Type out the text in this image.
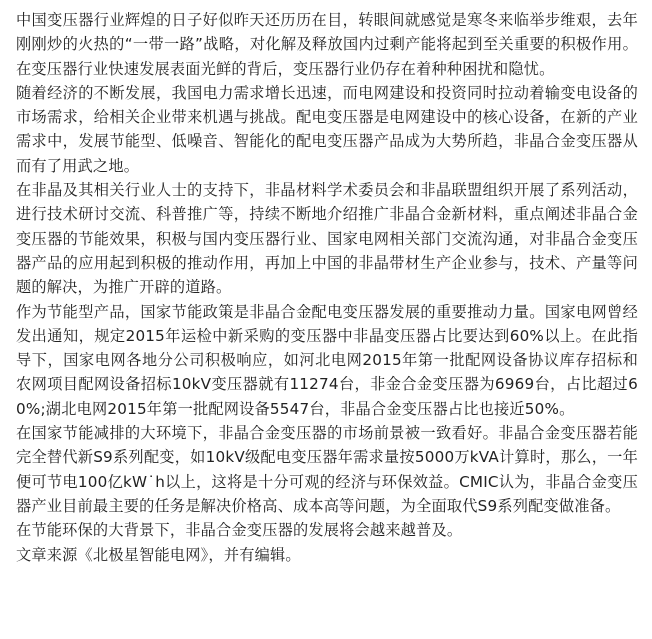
中国变压器行业辉煌的日子好似昨天还历历在目，转眼间就感觉是寒冬来临举步维艰，去年刚刚炒的火热的“一带一路”战略，对化解及释放国内过剩产能将起到至关重要的积极作用。在变压器行业快速发展表面光鲜的背后，变压器行业仍存在着种种困扰和隐忧。

随着经济的不断发展，我国电力需求增长迅速，而电网建设和投资同时拉动着输变电设备的市场需求，给相关企业带来机遇与挑战。配电变压器是电网建设中的核心设备，在新的产业需求中，发展节能型、低噪音、智能化的配电变压器产品成为大势所趋，非晶合金变压器从而有了用武之地。

在非晶及其相关行业人士的支持下，非晶材料学术委员会和非晶联盟组织开展了系列活动，进行技术研讨交流、科普推广等，持续不断地介绍推广非晶合金新材料，重点阐述非晶合金变压器的节能效果，积极与国内变压器行业、国家电网相关部门交流沟通，对非晶合金变压器产品的应用起到积极的推动作用，再加上中国的非晶带材生产企业参与，技术、产量等问题的解决，为推广开辟的道路。

作为节能型产品，国家节能政策是非晶合金配电变压器发展的重要推动力量。国家电网曾经发出通知，规定2015年运检中新采购的变压器中非晶变压器占比要达到60%以上。在此指导下，国家电网各地分公司积极响应，如河北电网2015年第一批配网设备协议库存招标和农网项目配网设备招标10kV变压器就有11274台，非金合金变压器为6969台，占比超过60%;湖北电网2015年第一批配网设备5547台，非晶合金变压器占比也接近50%。

在国家节能减排的大环境下，非晶合金变压器的市场前景被一致看好。非晶合金变压器若能完全替代新S9系列配变，如10kV级配电变压器年需求量按5000万kVA计算时，那么，一年便可节电100亿kW˙h以上，这将是十分可观的经济与环保效益。CMIC认为，非晶合金变压器产业目前最主要的任务是解决价格高、成本高等问题，为全面取代S9系列配变做准备。

在节能环保的大背景下，非晶合金变压器的发展将会越来越普及。

文章来源《北极星智能电网》，并有编辑。
